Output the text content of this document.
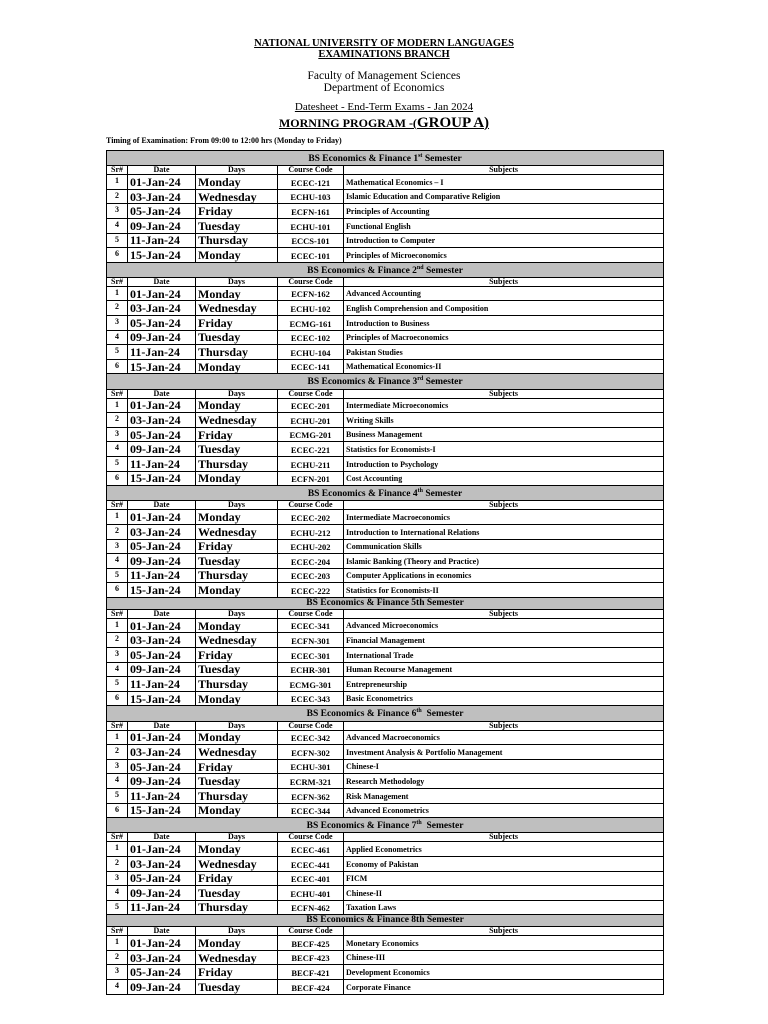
NATIONAL UNIVERSITY OF MODERN LANGUAGES
EXAMINATIONS BRANCH
Faculty of Management Sciences
Department of Economics
Datesheet - End-Term Exams - Jan 2024
MORNING PROGRAM -(GROUP A)
Timing of Examination: From 09:00 to 12:00 hrs (Monday to Friday)
BS Economics & Finance 1st Semester				
Sr#	Date	Days	Course Code	Subjects
1	01-Jan-24	Monday	ECEC-121	Mathematical Economics – I
2	03-Jan-24	Wednesday	ECHU-103	Islamic Education and Comparative Religion
3	05-Jan-24	Friday	ECFN-161	Principles of Accounting
4	09-Jan-24	Tuesday	ECHU-101	Functional English
5	11-Jan-24	Thursday	ECCS-101	Introduction to Computer
6	15-Jan-24	Monday	ECEC-101	Principles of Microeconomics
BS Economics & Finance 2nd Semester				
Sr#	Date	Days	Course Code	Subjects
1	01-Jan-24	Monday	ECFN-162	Advanced Accounting
2	03-Jan-24	Wednesday	ECHU-102	English Comprehension and Composition
3	05-Jan-24	Friday	ECMG-161	Introduction to Business
4	09-Jan-24	Tuesday	ECEC-102	Principles of Macroeconomics
5	11-Jan-24	Thursday	ECHU-104	Pakistan Studies
6	15-Jan-24	Monday	ECEC-141	Mathematical Economics-II
BS Economics & Finance 3rd Semester				
Sr#	Date	Days	Course Code	Subjects
1	01-Jan-24	Monday	ECEC-201	Intermediate Microeconomics
2	03-Jan-24	Wednesday	ECHU-201	Writing Skills
3	05-Jan-24	Friday	ECMG-201	Business Management
4	09-Jan-24	Tuesday	ECEC-221	Statistics for Economists-I
5	11-Jan-24	Thursday	ECHU-211	Introduction to Psychology
6	15-Jan-24	Monday	ECFN-201	Cost Accounting
BS Economics & Finance 4th Semester				
Sr#	Date	Days	Course Code	Subjects
1	01-Jan-24	Monday	ECEC-202	Intermediate Macroeconomics
2	03-Jan-24	Wednesday	ECHU-212	Introduction to International Relations
3	05-Jan-24	Friday	ECHU-202	Communication Skills
4	09-Jan-24	Tuesday	ECEC-204	Islamic Banking (Theory and Practice)
5	11-Jan-24	Thursday	ECEC-203	Computer Applications in economics
6	15-Jan-24	Monday	ECEC-222	Statistics for Economists-II
BS Economics & Finance 5th Semester				
Sr#	Date	Days	Course Code	Subjects
1	01-Jan-24	Monday	ECEC-341	Advanced Microeconomics
2	03-Jan-24	Wednesday	ECFN-301	Financial Management
3	05-Jan-24	Friday	ECEC-301	International Trade
4	09-Jan-24	Tuesday	ECHR-301	Human Recourse Management
5	11-Jan-24	Thursday	ECMG-301	Entrepreneurship
6	15-Jan-24	Monday	ECEC-343	Basic Econometrics
BS Economics & Finance 6th  Semester				
Sr#	Date	Days	Course Code	Subjects
1	01-Jan-24	Monday	ECEC-342	Advanced Macroeconomics
2	03-Jan-24	Wednesday	ECFN-302	Investment Analysis & Portfolio Management
3	05-Jan-24	Friday	ECHU-301	Chinese-I
4	09-Jan-24	Tuesday	ECRM-321	Research Methodology
5	11-Jan-24	Thursday	ECFN-362	Risk Management
6	15-Jan-24	Monday	ECEC-344	Advanced Econometrics
BS Economics & Finance 7th  Semester				
Sr#	Date	Days	Course Code	Subjects
1	01-Jan-24	Monday	ECEC-461	Applied Econometrics
2	03-Jan-24	Wednesday	ECEC-441	Economy of Pakistan
3	05-Jan-24	Friday	ECEC-401	FICM
4	09-Jan-24	Tuesday	ECHU-401	Chinese-II
5	11-Jan-24	Thursday	ECFN-462	Taxation Laws
BS Economics & Finance 8th Semester				
Sr#	Date	Days	Course Code	Subjects
1	01-Jan-24	Monday	BECF-425	Monetary Economics
2	03-Jan-24	Wednesday	BECF-423	Chinese-III
3	05-Jan-24	Friday	BECF-421	Development Economics
4	09-Jan-24	Tuesday	BECF-424	Corporate Finance
